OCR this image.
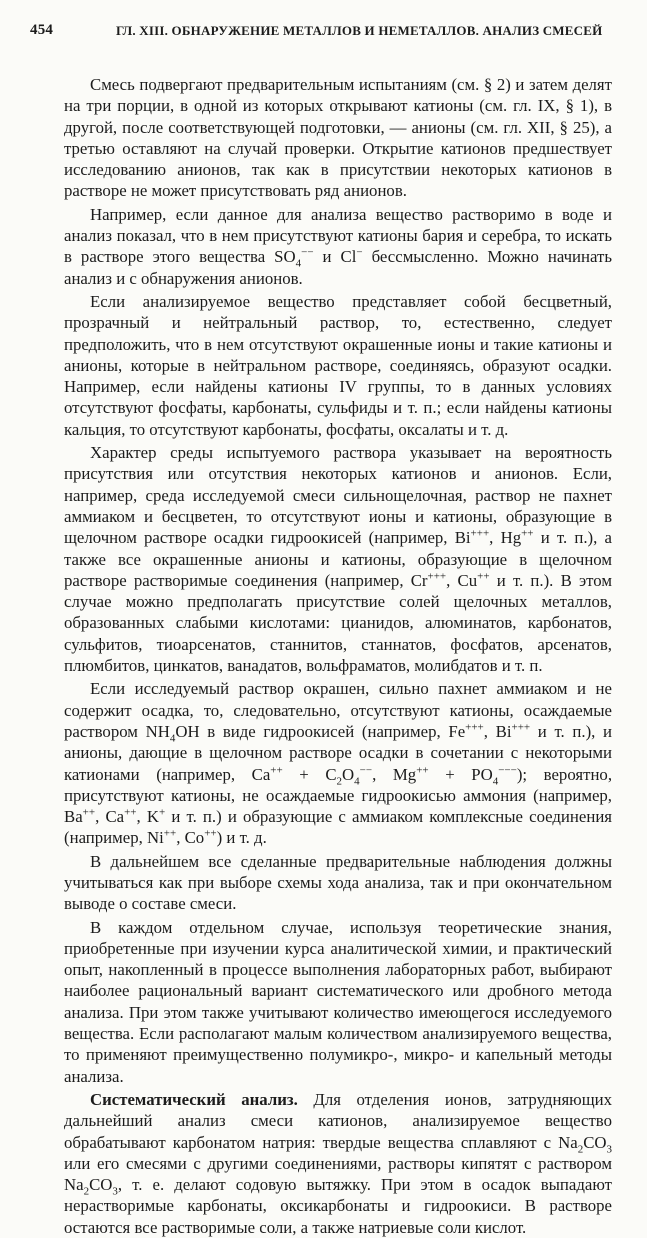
454	ГЛ. XIII. ОБНАРУЖЕНИЕ МЕТАЛЛОВ И НЕМЕТАЛЛОВ. АНАЛИЗ СМЕСЕЙ

Смесь подвергают предварительным испытаниям (см. § 2) и затем делят на три порции, в одной из которых открывают катионы (см. гл. IX, § 1), в другой, после соответствующей подготовки, — анионы (см. гл. XII, § 25), а третью оставляют на случай проверки. Открытие катионов предшествует исследованию анионов, так как в присутствии некоторых катионов в растворе не может присутствовать ряд анионов.

Например, если данное для анализа вещество растворимо в воде и анализ показал, что в нем присутствуют катионы бария и серебра, то искать в растворе этого вещества $SO_4^{--}$ и Cl− бессмысленно. Можно начинать анализ и с обнаружения анионов.

Если анализируемое вещество представляет собой бесцветный, прозрачный и нейтральный раствор, то, естественно, следует предположить, что в нем отсутствуют окрашенные ионы и такие катионы и анионы, которые в нейтральном растворе, соединяясь, образуют осадки. Например, если найдены катионы IV группы, то в данных условиях отсутствуют фосфаты, карбонаты, сульфиды и т. п.; если найдены катионы кальция, то отсутствуют карбонаты, фосфаты, оксалаты и т. д.

Характер среды испытуемого раствора указывает на вероятность присутствия или отсутствия некоторых катионов и анионов. Если, например, среда исследуемой смеси сильнощелочная, раствор не пахнет аммиаком и бесцветен, то отсутствуют ионы и катионы, образующие в щелочном растворе осадки гидроокисей (например, Bi+++, Hg++ и т. п.), а также все окрашенные анионы и катионы, образующие в щелочном растворе растворимые соединения (например, Cr+++, Cu++ и т. п.). В этом случае можно предполагать присутствие солей щелочных металлов, образованных слабыми кислотами: цианидов, алюминатов, карбонатов, сульфитов, тиоарсенатов, станнитов, станнатов, фосфатов, арсенатов, плюмбитов, цинкатов, ванадатов, вольфраматов, молибдатов и т. п.

Если исследуемый раствор окрашен, сильно пахнет аммиаком и не содержит осадка, то, следовательно, отсутствуют катионы, осаждаемые раствором $NH_4OH$ в виде гидроокисей (например, Fe+++, Bi+++ и т. п.), и анионы, дающие в щелочном растворе осадки в сочетании с некоторыми катионами (например, $Ca^{++} + C_2O_4^{--}$, $Mg^{++} + PO_4^{---}$); вероятно, присутствуют катионы, не осаждаемые гидроокисью аммония (например, Ba++, Ca++, K+ и т. п.) и образующие с аммиаком комплексные соединения (например, Ni++, Co++) и т. д.

В дальнейшем все сделанные предварительные наблюдения должны учитываться как при выборе схемы хода анализа, так и при окончательном выводе о составе смеси.

В каждом отдельном случае, используя теоретические знания, приобретенные при изучении курса аналитической химии, и практический опыт, накопленный в процессе выполнения лабораторных работ, выбирают наиболее рациональный вариант систематического или дробного метода анализа. При этом также учитывают количество имеющегося исследуемого вещества. Если располагают малым количеством анализируемого вещества, то применяют преимущественно полумикро-, микро- и капельный методы анализа.

Систематический анализ. Для отделения ионов, затрудняющих дальнейший анализ смеси катионов, анализируемое вещество обрабатывают карбонатом натрия: твердые вещества сплавляют с $Na_2CO_3$ или его смесями с другими соединениями, растворы кипятят с раствором $Na_2CO_3$, т. е. делают содовую вытяжку. При этом в осадок выпадают нерастворимые карбонаты, оксикарбонаты и гидроокиси. В растворе остаются все растворимые соли, а также натриевые соли кислот.
